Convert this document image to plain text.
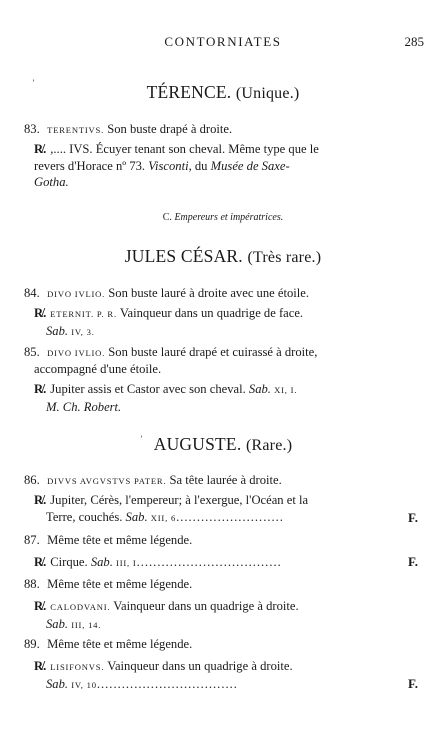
CONTORNIATES	285
ʼ	TÉRENCE. (Unique.)
83. TERENTIVS. Son buste drapé à droite.
R̸. ,.... IVS. Écuyer tenant son cheval. Même type que le
revers d'Horace nº 73. Visconti, du Musée de Saxe-
Gotha.
C. Empereurs et impératrices.
JULES CÉSAR. (Très rare.)
84. DIVO IVLIO. Son buste lauré à droite avec une étoile.
R̸. ETERNIT. P. R. Vainqueur dans un quadrige de face.
Sab. IV, 3.
85. DIVO IVLIO. Son buste lauré drapé et cuirassé à droite,
accompagné d'une étoile.
R̸. Jupiter assis et Castor avec son cheval. Sab. XI, I.
M. Ch. Robert.
ʼ AUGUSTE. (Rare.)
86. DIVVS AVGVSTVS PATER. Sa tête laurée à droite.
R̸. Jupiter, Cérès, l'empereur; à l'exergue, l'Océan et la
Terre, couchés. Sab. XII, 6..........................	F.
87. Même tête et même légende.
R̸. Cirque. Sab. III, I...................................	F.
88. Même tête et même légende.
R̸. CALODVANI. Vainqueur dans un quadrige à droite.
Sab. III, 14.
89. Même tête et même légende.
R̸. LISIFONVS. Vainqueur dans un quadrige à droite.
Sab. IV, 10..................................	F.
